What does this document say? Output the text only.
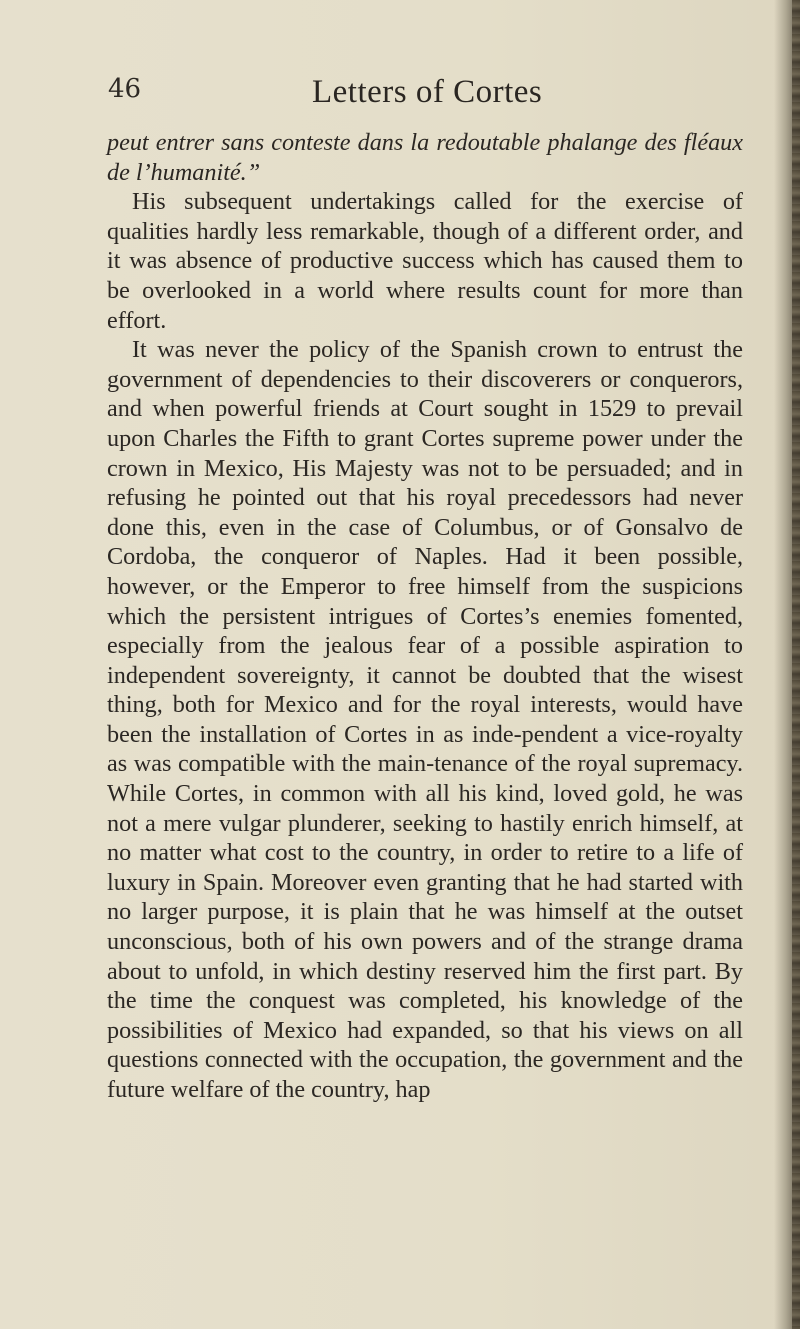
46	Letters of Cortes

peut entrer sans conteste dans la redoutable phalange des fléaux de l’humanité.”

His subsequent undertakings called for the exercise of qualities hardly less remarkable, though of a different order, and it was absence of productive success which has caused them to be overlooked in a world where results count for more than effort.

It was never the policy of the Spanish crown to entrust the government of dependencies to their discoverers or conquerors, and when powerful friends at Court sought in 1529 to prevail upon Charles the Fifth to grant Cortes supreme power under the crown in Mexico, His Majesty was not to be persuaded; and in refusing he pointed out that his royal precedessors had never done this, even in the case of Columbus, or of Gonsalvo de Cordoba, the conqueror of Naples. Had it been possible, however, or the Emperor to free himself from the suspicions which the persistent intrigues of Cortes’s enemies fomented, especially from the jealous fear of a possible aspiration to independent sovereignty, it cannot be doubted that the wisest thing, both for Mexico and for the royal interests, would have been the installation of Cortes in as inde-pendent a vice-royalty as was compatible with the main-tenance of the royal supremacy. While Cortes, in common with all his kind, loved gold, he was not a mere vulgar plunderer, seeking to hastily enrich himself, at no matter what cost to the country, in order to retire to a life of luxury in Spain. Moreover even granting that he had started with no larger purpose, it is plain that he was himself at the outset unconscious, both of his own powers and of the strange drama about to unfold, in which destiny reserved him the first part. By the time the conquest was completed, his knowledge of the possibilities of Mexico had expanded, so that his views on all questions connected with the occupation, the government and the future welfare of the country, hap
